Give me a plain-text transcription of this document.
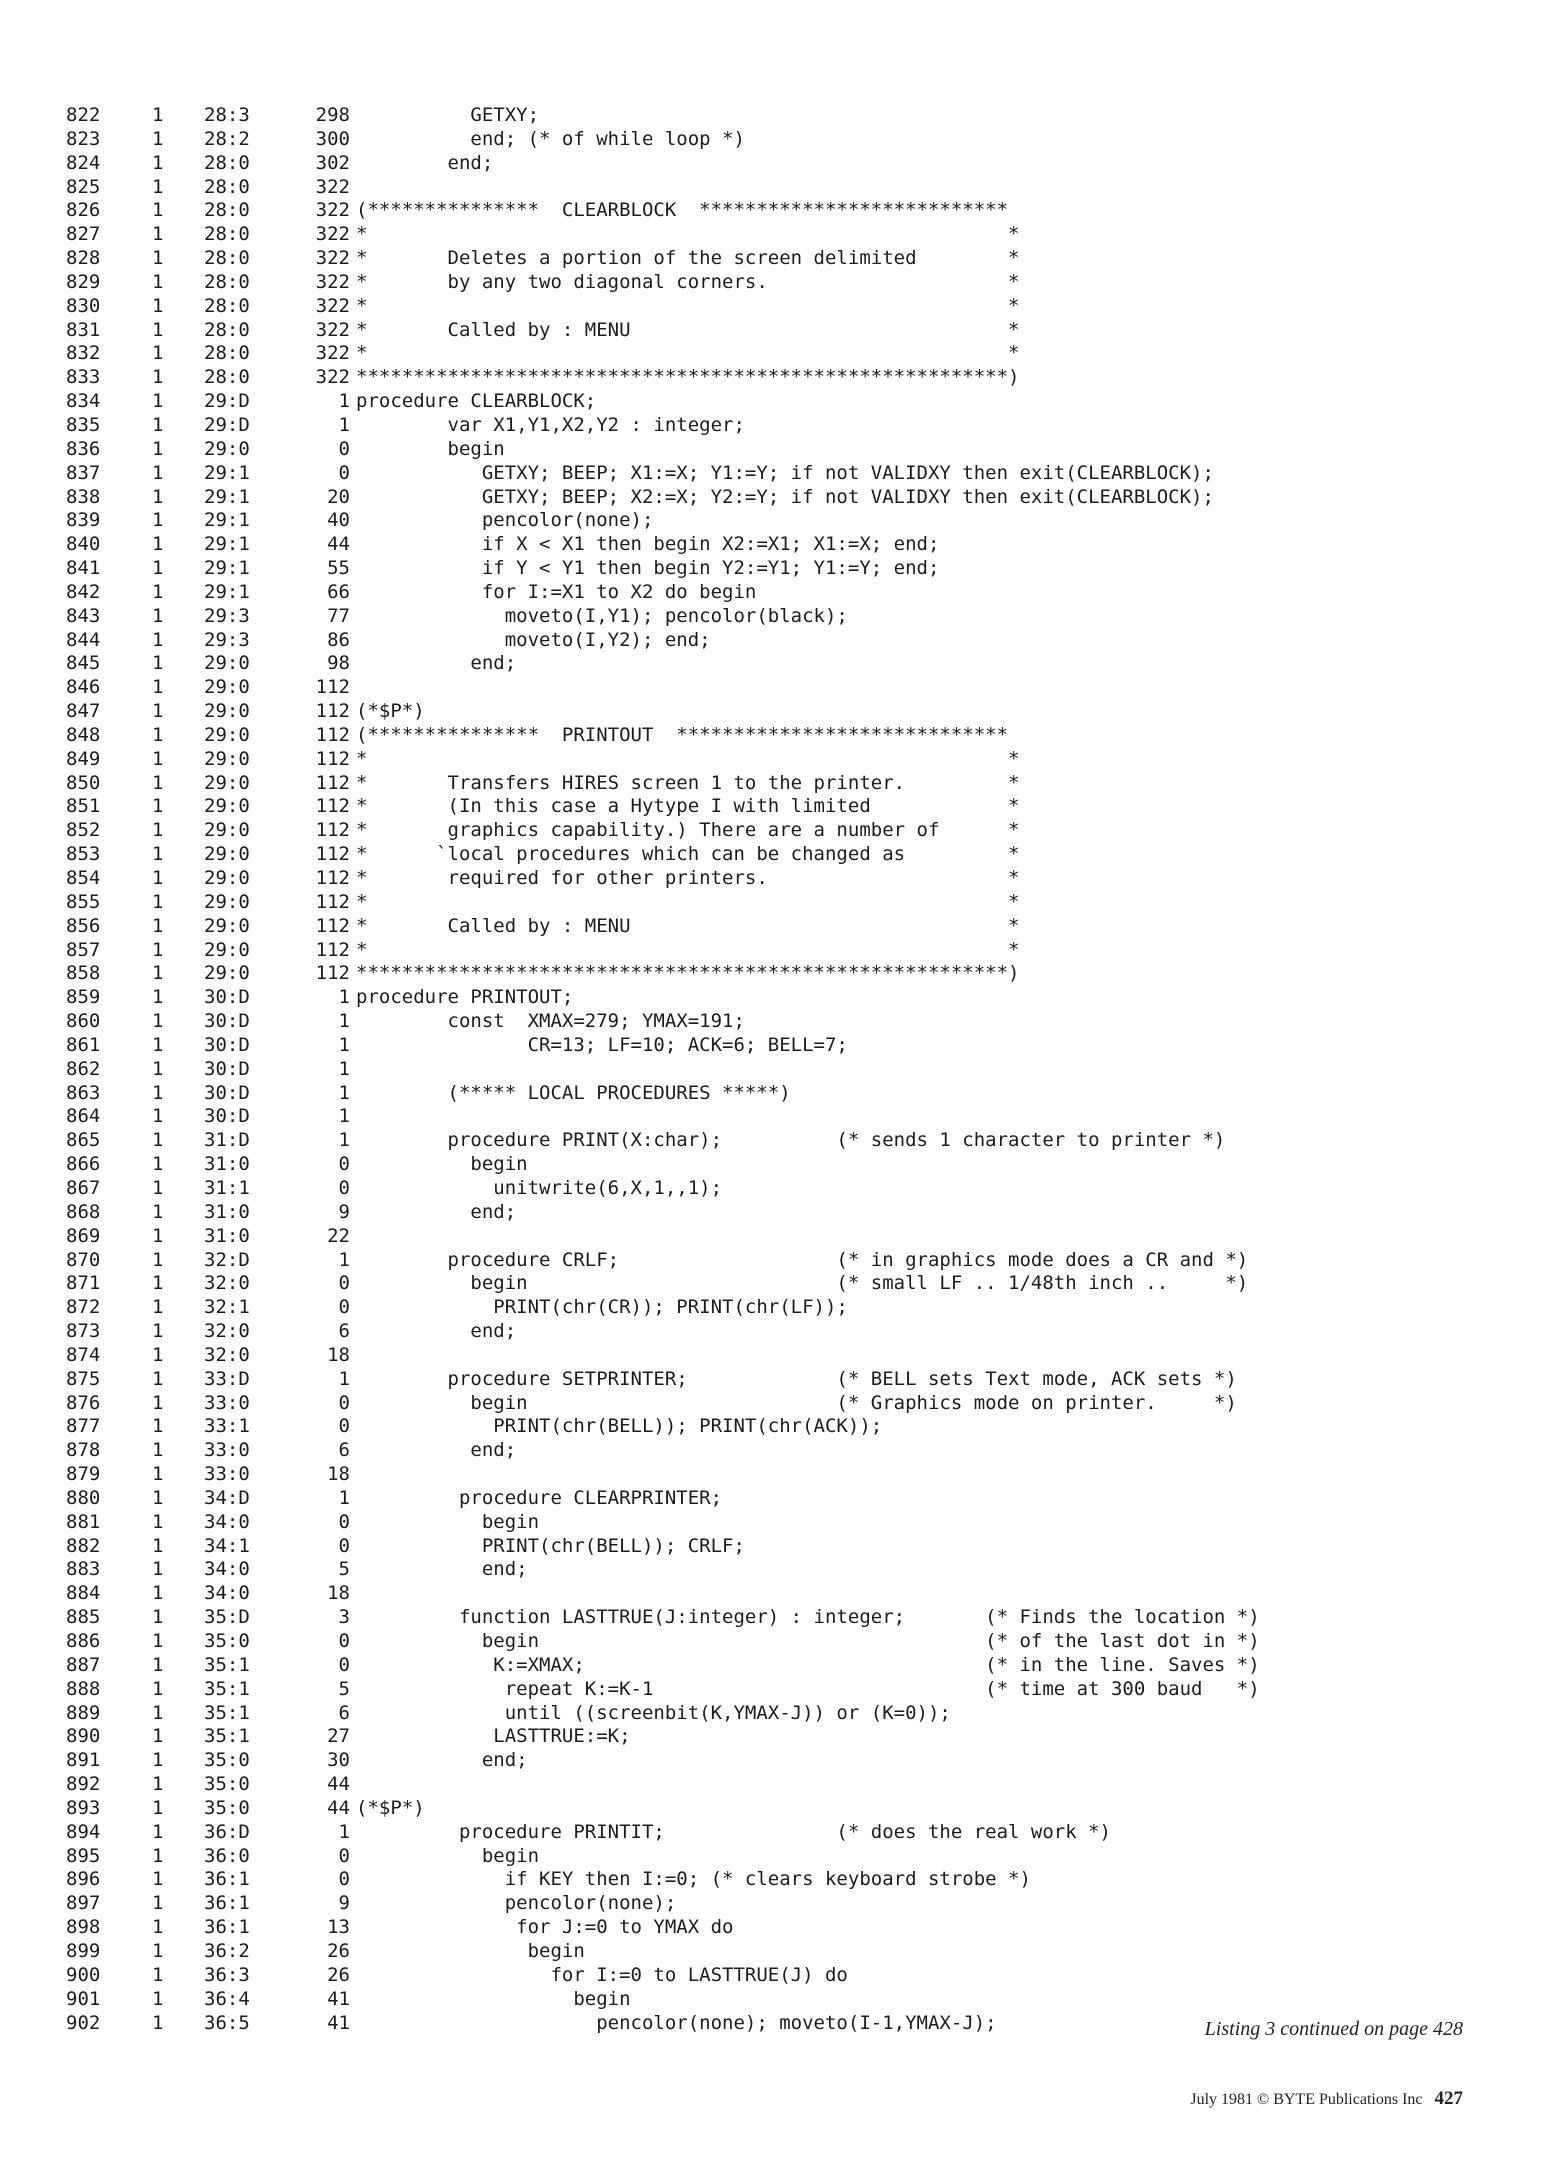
822	1	28:3	298 GETXY;
823	1	28:2	300 end; (* of while loop *)
824	1	28:0	302 end;
825	1	28:0	322
826	1	28:0	322 (***************  CLEARBLOCK  ***************************
827	1	28:0	322 *                                                        *
828	1	28:0	322 *       Deletes a portion of the screen delimited        *
829	1	28:0	322 *       by any two diagonal corners.                     *
830	1	28:0	322 *                                                        *
831	1	28:0	322 *       Called by : MENU                                 *
832	1	28:0	322 *                                                        *
833	1	28:0	322 *********************************************************)
834	1	29:D	1 procedure CLEARBLOCK;
835	1	29:D	1 var X1,Y1,X2,Y2 : integer;
836	1	29:0	0 begin
837	1	29:1	0 GETXY; BEEP; X1:=X; Y1:=Y; if not VALIDXY then exit(CLEARBLOCK);
838	1	29:1	20 GETXY; BEEP; X2:=X; Y2:=Y; if not VALIDXY then exit(CLEARBLOCK);
839	1	29:1	40 pencolor(none);
840	1	29:1	44 if X < X1 then begin X2:=X1; X1:=X; end;
841	1	29:1	55 if Y < Y1 then begin Y2:=Y1; Y1:=Y; end;
842	1	29:1	66 for I:=X1 to X2 do begin
843	1	29:3	77 moveto(I,Y1); pencolor(black);
844	1	29:3	86 moveto(I,Y2); end;
845	1	29:0	98 end;
846	1	29:0	112
847	1	29:0	112 (*$P*)
848	1	29:0	112 (***************  PRINTOUT  *****************************
849	1	29:0	112 *                                                        *
850	1	29:0	112 *       Transfers HIRES screen 1 to the printer.         *
851	1	29:0	112 *       (In this case a Hytype I with limited            *
852	1	29:0	112 *       graphics capability.) There are a number of      *
853	1	29:0	112 *      `local procedures which can be changed as         *
854	1	29:0	112 *       required for other printers.                     *
855	1	29:0	112 *                                                        *
856	1	29:0	112 *       Called by : MENU                                 *
857	1	29:0	112 *                                                        *
858	1	29:0	112 *********************************************************)
859	1	30:D	1 procedure PRINTOUT;
860	1	30:D	1 const  XMAX=279; YMAX=191;
861	1	30:D	1 CR=13; LF=10; ACK=6; BELL=7;
862	1	30:D	1
863	1	30:D	1 (***** LOCAL PROCEDURES *****)
864	1	30:D	1
865	1	31:D	1 procedure PRINT(X:char);          (* sends 1 character to printer *)
866	1	31:0	0 begin
867	1	31:1	0 unitwrite(6,X,1,,1);
868	1	31:0	9 end;
869	1	31:0	22
870	1	32:D	1 procedure CRLF;                   (* in graphics mode does a CR and *)
871	1	32:0	0 begin                           (* small LF .. 1/48th inch ..     *)
872	1	32:1	0 PRINT(chr(CR)); PRINT(chr(LF));
873	1	32:0	6 end;
874	1	32:0	18
875	1	33:D	1 procedure SETPRINTER;             (* BELL sets Text mode, ACK sets *)
876	1	33:0	0 begin                           (* Graphics mode on printer.     *)
877	1	33:1	0 PRINT(chr(BELL)); PRINT(chr(ACK));
878	1	33:0	6 end;
879	1	33:0	18
880	1	34:D	1 procedure CLEARPRINTER;
881	1	34:0	0 begin
882	1	34:1	0 PRINT(chr(BELL)); CRLF;
883	1	34:0	5 end;
884	1	34:0	18
885	1	35:D	3 function LASTTRUE(J:integer) : integer;       (* Finds the location *)
886	1	35:0	0 begin                                       (* of the last dot in *)
887	1	35:1	0 K:=XMAX;                                   (* in the line. Saves *)
888	1	35:1	5 repeat K:=K-1                             (* time at 300 baud   *)
889	1	35:1	6 until ((screenbit(K,YMAX-J)) or (K=0));
890	1	35:1	27 LASTTRUE:=K;
891	1	35:0	30 end;
892	1	35:0	44
893	1	35:0	44 (*$P*)
894	1	36:D	1 procedure PRINTIT;               (* does the real work *)
895	1	36:0	0 begin
896	1	36:1	0 if KEY then I:=0; (* clears keyboard strobe *)
897	1	36:1	9 pencolor(none);
898	1	36:1	13 for J:=0 to YMAX do
899	1	36:2	26 begin
900	1	36:3	26 for I:=0 to LASTTRUE(J) do
901	1	36:4	41 begin
902	1	36:5	41 pencolor(none); moveto(I-1,YMAX-J);	Listing 3 continued on page 428
July 1981 © BYTE Publications Inc 427
